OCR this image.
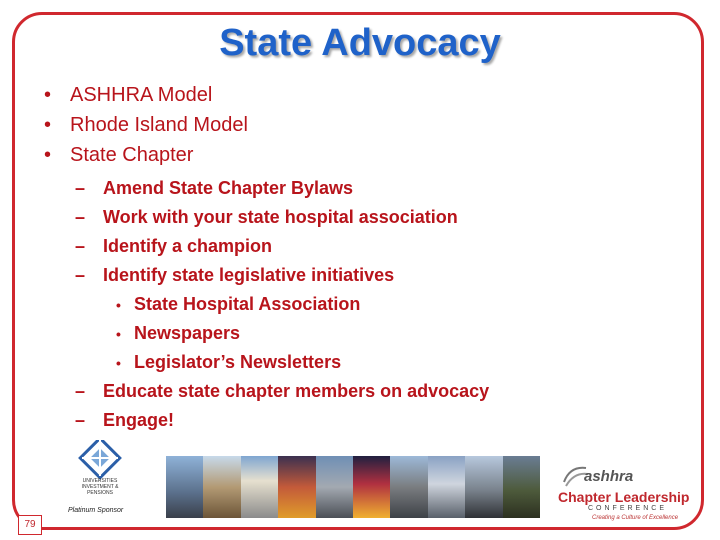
State Advocacy
• ASHHRA Model
• Rhode Island Model
• State Chapter
– Amend State Chapter Bylaws
– Work with your state hospital association
– Identify a champion
– Identify state legislative initiatives
• State Hospital Association
• Newspapers
• Legislator’s Newsletters
– Educate state chapter members on advocacy
– Engage!
UNIVERSITIES INVESTMENT & PENSIONS
Platinum Sponsor
ashhra
Chapter Leadership
CONFERENCE
Creating a Culture of Excellence
79
